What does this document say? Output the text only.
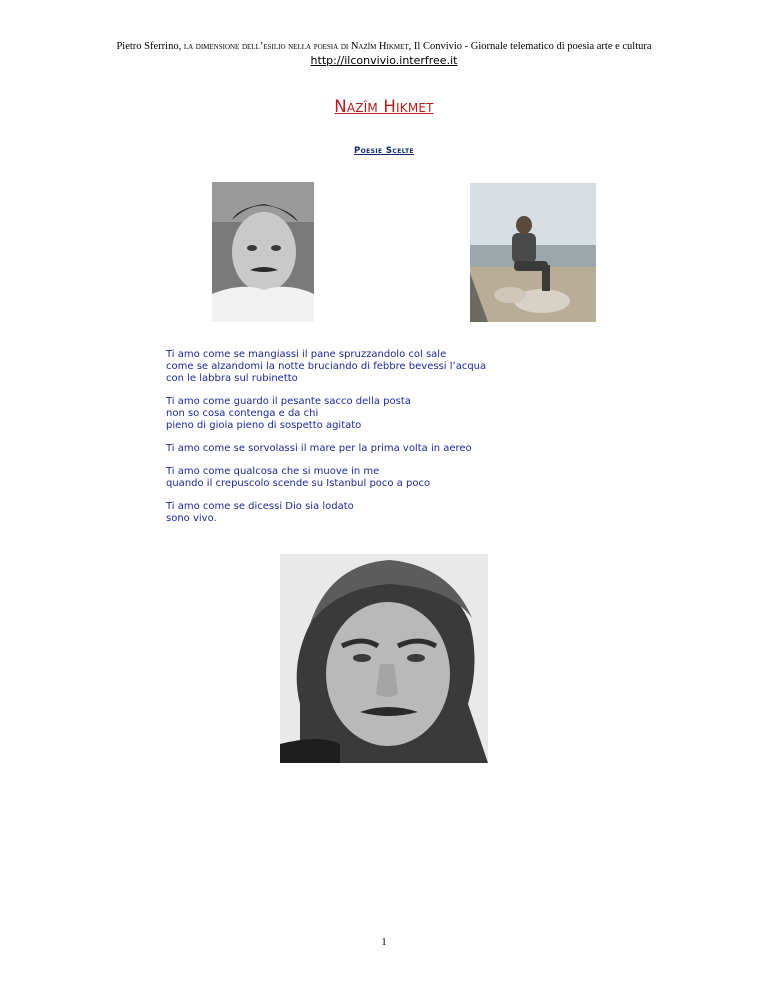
Pietro Sferrino, la dimensione dell’esilio nella poesia di Nazîm Hikmet, Il Convivio - Giornale telematico di poesia arte e cultura
http://ilconvivio.interfree.it
Nazîm Hikmet
Poesie Scelte
Ti amo come se mangiassi il pane spruzzandolo col sale
come se alzandomi la notte bruciando di febbre bevessi l’acqua
con le labbra sul rubinetto
Ti amo come guardo il pesante sacco della posta
non so cosa contenga e da chi
pieno di gioia pieno di sospetto agitato
Ti amo come se sorvolassi il mare per la prima volta in aereo
Ti amo come qualcosa che si muove in me
quando il crepuscolo scende su Istanbul poco a poco
Ti amo come se dicessi Dio sia lodato
sono vivo.
1
